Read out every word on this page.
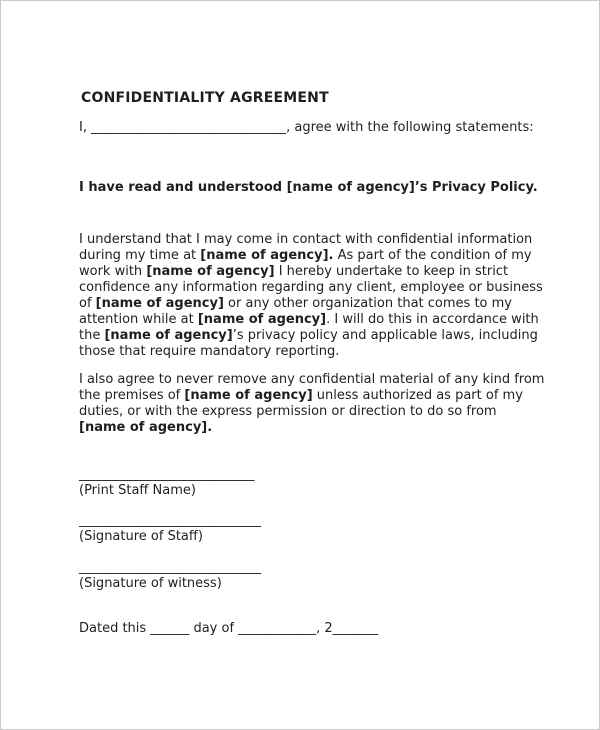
CONFIDENTIALITY AGREEMENT

I, ______________________________, agree with the following statements:

I have read and understood [name of agency]’s Privacy Policy.

I understand that I may come in contact with confidential information
during my time at [name of agency]. As part of the condition of my
work with [name of agency] I hereby undertake to keep in strict
confidence any information regarding any client, employee or business
of [name of agency] or any other organization that comes to my
attention while at [name of agency]. I will do this in accordance with
the [name of agency]’s privacy policy and applicable laws, including
those that require mandatory reporting.

I also agree to never remove any confidential material of any kind from
the premises of [name of agency] unless authorized as part of my
duties, or with the express permission or direction to do so from
[name of agency].

___________________________
(Print Staff Name)
____________________________
(Signature of Staff)
____________________________
(Signature of witness)

Dated this ______ day of ____________, 2_______
